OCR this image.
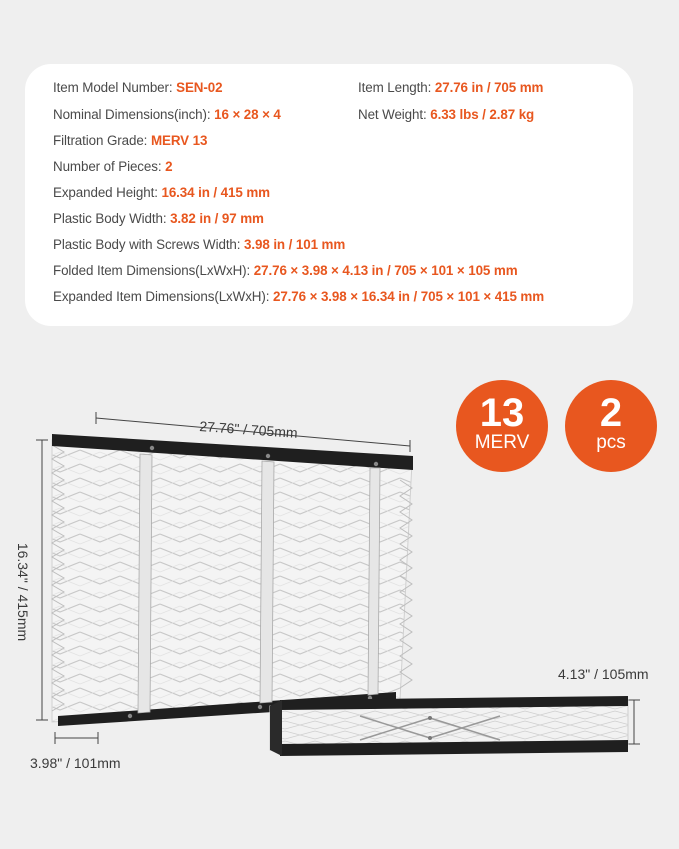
Item Model Number: SEN-02
Nominal Dimensions(inch): 16 × 28 × 4
Filtration Grade: MERV 13
Number of Pieces: 2
Expanded Height: 16.34 in / 415 mm
Plastic Body Width: 3.82 in / 97 mm
Plastic Body with Screws Width: 3.98 in / 101 mm
Folded Item Dimensions(LxWxH): 27.76 × 3.98 × 4.13 in / 705 × 101 × 105 mm
Expanded Item Dimensions(LxWxH): 27.76 × 3.98 × 16.34 in / 705 × 101 × 415 mm
Item Length: 27.76 in / 705 mm
Net Weight: 6.33 lbs / 2.87 kg
13
MERV
2
pcs
27.76" / 705mm
16.34" / 415mm
3.98" / 101mm
4.13" / 105mm
